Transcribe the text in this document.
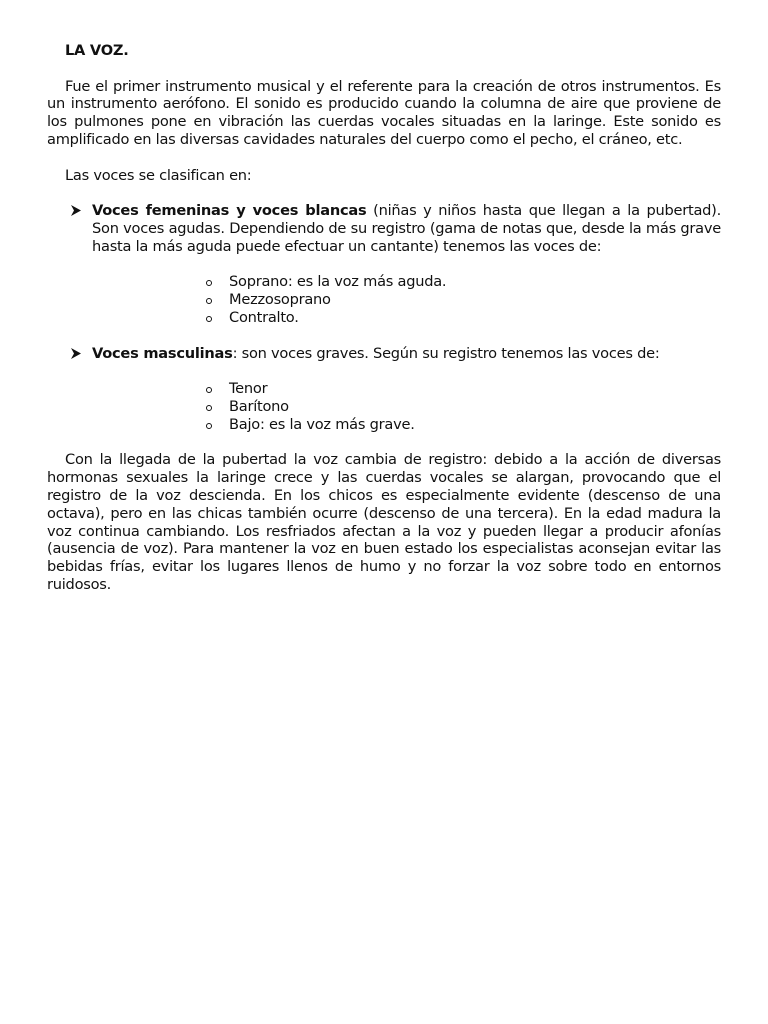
LA VOZ.

Fue el primer instrumento musical y el referente para la creación de otros instrumentos. Es un instrumento aerófono. El sonido es producido cuando la columna de aire que proviene de los pulmones pone en vibración las cuerdas vocales situadas en la laringe. Este sonido es amplificado en las diversas cavidades naturales del cuerpo como el pecho, el cráneo, etc.

Las voces se clasifican en:
Voces femeninas y voces blancas (niñas y niños hasta que llegan a la pubertad). Son voces agudas. Dependiendo de su registro (gama de notas que, desde la más grave hasta la más aguda puede efectuar un cantante) tenemos las voces de:
Soprano: es la voz más aguda.
Mezzosoprano
Contralto.
Voces masculinas: son voces graves. Según su registro tenemos las voces de:
Tenor
Barítono
Bajo: es la voz más grave.

Con la llegada de la pubertad la voz cambia de registro: debido a la acción de diversas hormonas sexuales la laringe crece y las cuerdas vocales se alargan, provocando que el registro de la voz descienda. En los chicos es especialmente evidente (descenso de una octava), pero en las chicas también ocurre (descenso de una tercera). En la edad madura la voz continua cambiando. Los resfriados afectan a la voz y pueden llegar a producir afonías (ausencia de voz). Para mantener la voz en buen estado los especialistas aconsejan evitar las bebidas frías, evitar los lugares llenos de humo y no forzar la voz sobre todo en entornos ruidosos.
